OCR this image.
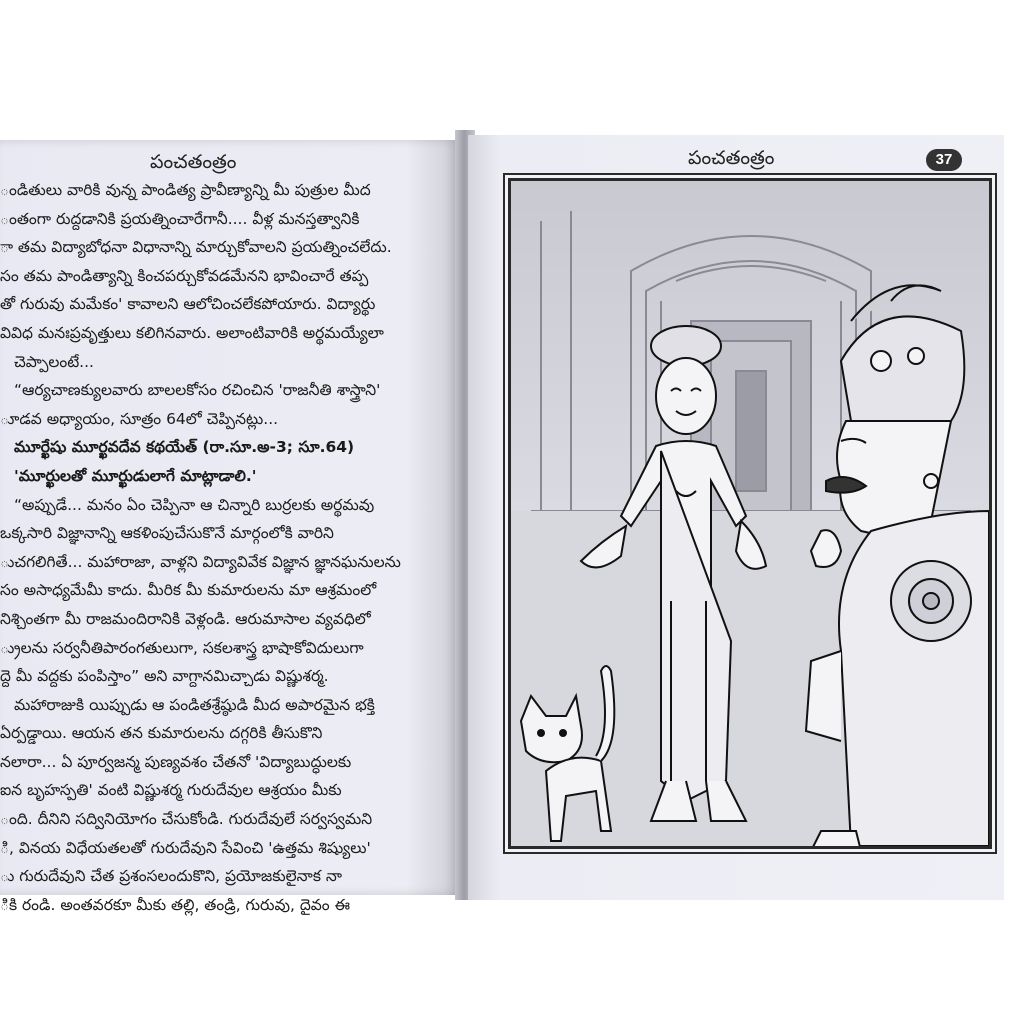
పంచతంత్రం
ండితులు వారికి వున్న పాండిత్య ప్రావీణ్యాన్ని మీ పుత్రుల మీద
ంతంగా రుద్దడానికి ప్రయత్నించారేగానీ.... వీళ్ల మనస్తత్వానికి
ా తమ విద్యాబోధనా విధానాన్ని మార్చుకోవాలని ప్రయత్నించలేదు.
సం తమ పాండిత్యాన్ని కించపర్చుకోవడమేనని భావించారే తప్ప
తో గురువు మమేకం' కావాలని ఆలోచించలేకపోయారు. విద్యార్థు
వివిధ మనఃప్రవృత్తులు కలిగినవారు. అలాంటివారికి అర్థమయ్యేలా
చెప్పాలంటే...
“ఆర్యచాణక్యులవారు బాలలకోసం రచించిన 'రాజనీతి శాస్త్రాని'
ూడవ అధ్యాయం, సూత్రం 64లో చెప్పినట్లు...
మూర్ఖేషు మూర్ఖవదేవ కథయేత్ (రా.సూ.అ-3; సూ.64)
'మూర్ఖులతో మూర్ఖుడులాగే మాట్లాడాలి.'
“అప్పుడే... మనం ఏం చెప్పినా ఆ చిన్నారి బుర్రలకు అర్థమవు
ఒక్కసారి విజ్ఞానాన్ని ఆకళింపుచేసుకొనే మార్గంలోకి వారిని
ుచగలిగితే... మహారాజా, వాళ్లని విద్యావివేక విజ్ఞాన జ్ఞానఘనులను
సం అసాధ్యమేమీ కాదు. మీరిక మీ కుమారులను మా ఆశ్రమంలో
నిశ్చింతగా మీ రాజమందిరానికి వెళ్లండి. ఆరుమాసాల వ్యవధిలో
్రులను సర్వనీతిపారంగతులుగా, సకలశాస్త్ర భాషాకోవిదులుగా
ద్దె మీ వద్దకు పంపిస్తాం” అని వాగ్దానమిచ్చాడు విష్ణుశర్మ.
మహారాజుకి యిప్పుడు ఆ పండితశ్రేష్ఠుడి మీద అపారమైన భక్తి
ఏర్పడ్డాయి. ఆయన తన కుమారులను దగ్గరికి తీసుకొని
నలారా... ఏ పూర్వజన్మ పుణ్యవశం చేతనో 'విద్యాబుద్ధులకు
ఐన బృహస్పతి' వంటి విష్ణుశర్మ గురుదేవుల ఆశ్రయం మీకు
ంది. దీనిని సద్వినియోగం చేసుకోండి. గురుదేవులే సర్వస్వమని
ి, వినయ విధేయతలతో గురుదేవుని సేవించి 'ఉత్తమ శిష్యులు'
ు గురుదేవుని చేత ప్రశంసలందుకొని, ప్రయోజకులైనాక నా
ికి రండి. అంతవరకూ మీకు తల్లి, తండ్రి, గురువు, దైవం ఈ
పంచతంత్రం	37
